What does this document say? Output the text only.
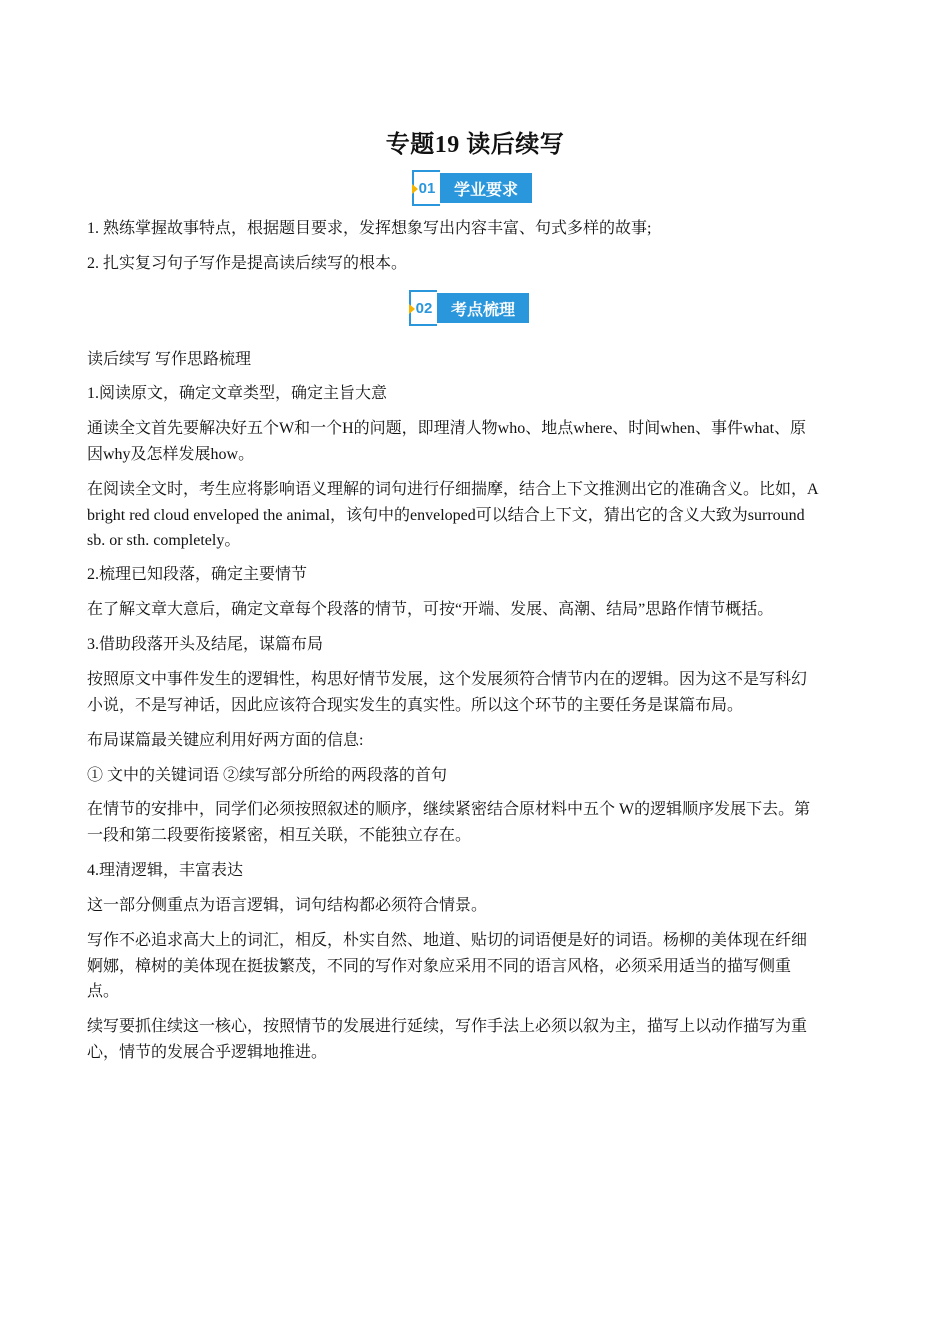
专题19 读后续写
01	学业要求

1. 熟练掌握故事特点，根据题目要求，发挥想象写出内容丰富、句式多样的故事;

2. 扎实复习句子写作是提高读后续写的根本。

02	考点梳理

读后续写 写作思路梳理

1.阅读原文，确定文章类型，确定主旨大意

通读全文首先要解决好五个W和一个H的问题，即理清人物who、地点where、时间when、事件what、原因why及怎样发展how。

在阅读全文时，考生应将影响语义理解的词句进行仔细揣摩，结合上下文推测出它的准确含义。比如，A bright red cloud enveloped the animal，该句中的enveloped可以结合上下文，猜出它的含义大致为surround sb. or sth. completely。

2.梳理已知段落，确定主要情节

在了解文章大意后，确定文章每个段落的情节，可按“开端、发展、高潮、结局”思路作情节概括。

3.借助段落开头及结尾，谋篇布局

按照原文中事件发生的逻辑性，构思好情节发展，这个发展须符合情节内在的逻辑。因为这不是写科幻小说，不是写神话，因此应该符合现实发生的真实性。所以这个环节的主要任务是谋篇布局。

布局谋篇最关键应利用好两方面的信息:

① 文中的关键词语 ②续写部分所给的两段落的首句

在情节的安排中，同学们必须按照叙述的顺序，继续紧密结合原材料中五个 W的逻辑顺序发展下去。第一段和第二段要衔接紧密，相互关联，不能独立存在。

4.理清逻辑，丰富表达

这一部分侧重点为语言逻辑，词句结构都必须符合情景。

写作不必追求高大上的词汇，相反，朴实自然、地道、贴切的词语便是好的词语。杨柳的美体现在纤细婀娜，樟树的美体现在挺拔繁茂，不同的写作对象应采用不同的语言风格，必须采用适当的描写侧重点。

续写要抓住续这一核心，按照情节的发展进行延续，写作手法上必须以叙为主，描写上以动作描写为重心，情节的发展合乎逻辑地推进。
